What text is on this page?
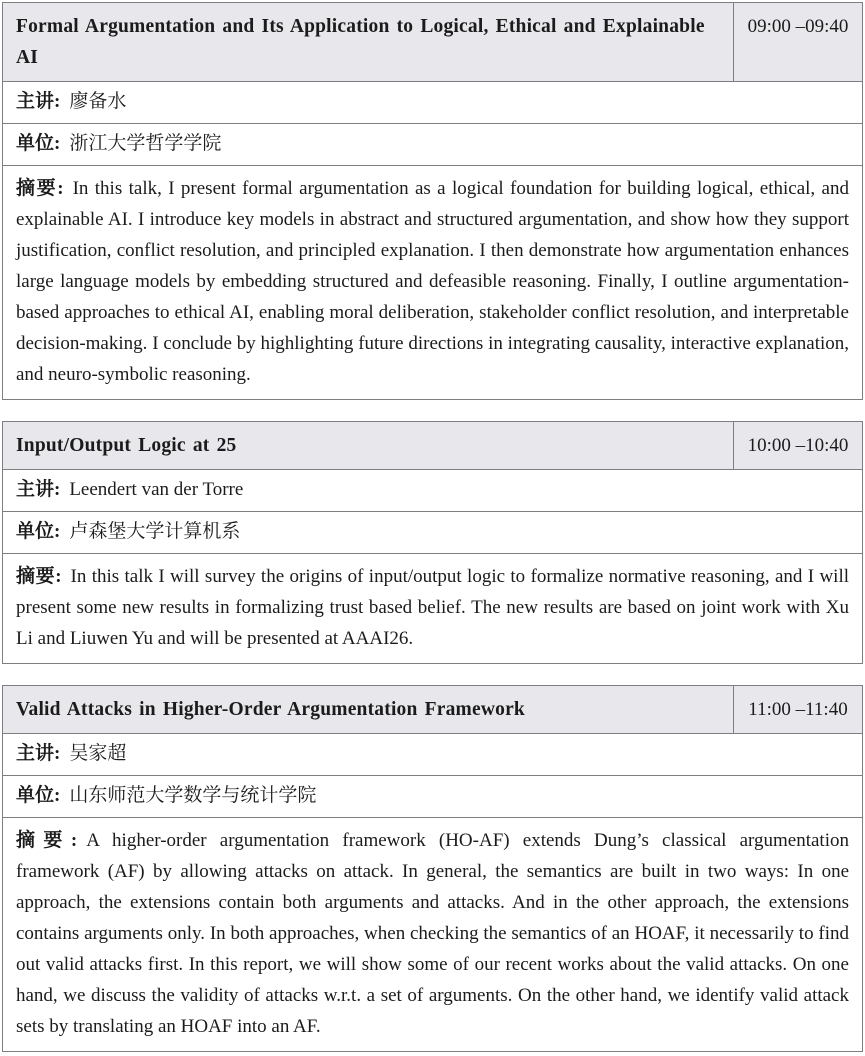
Formal Argumentation and Its Application to Logical, Ethical and Explainable AI
09:00 –09:40
主讲: 廖备水
单位: 浙江大学哲学学院
摘要: In this talk, I present formal argumentation as a logical foundation for building logical, ethical, and explainable AI. I introduce key models in abstract and structured argumentation, and show how they support justification, conflict resolution, and principled explanation. I then demonstrate how argumentation enhances large language models by embedding structured and defeasible reasoning. Finally, I outline argumentation-based approaches to ethical AI, enabling moral deliberation, stakeholder conflict resolution, and interpretable decision-making. I conclude by highlighting future directions in integrating causality, interactive explanation, and neuro-symbolic reasoning.
Input/Output Logic at 25	10:00 –10:40
主讲: Leendert van der Torre
单位: 卢森堡大学计算机系
摘要: In this talk I will survey the origins of input/output logic to formalize normative reasoning, and I will present some new results in formalizing trust based belief. The new results are based on joint work with Xu Li and Liuwen Yu and will be presented at AAAI26.
Valid Attacks in Higher-Order Argumentation Framework	11:00 –11:40
主讲: 吴家超
单位: 山东师范大学数学与统计学院
摘要: A higher-order argumentation framework (HO-AF) extends Dung’s classical argumentation framework (AF) by allowing attacks on attack. In general, the semantics are built in two ways: In one approach, the extensions contain both arguments and attacks. And in the other approach, the extensions contains arguments only. In both approaches, when checking the semantics of an HOAF, it necessarily to find out valid attacks first. In this report, we will show some of our recent works about the valid attacks. On one hand, we discuss the validity of attacks w.r.t. a set of arguments. On the other hand, we identify valid attack sets by translating an HOAF into an AF.
